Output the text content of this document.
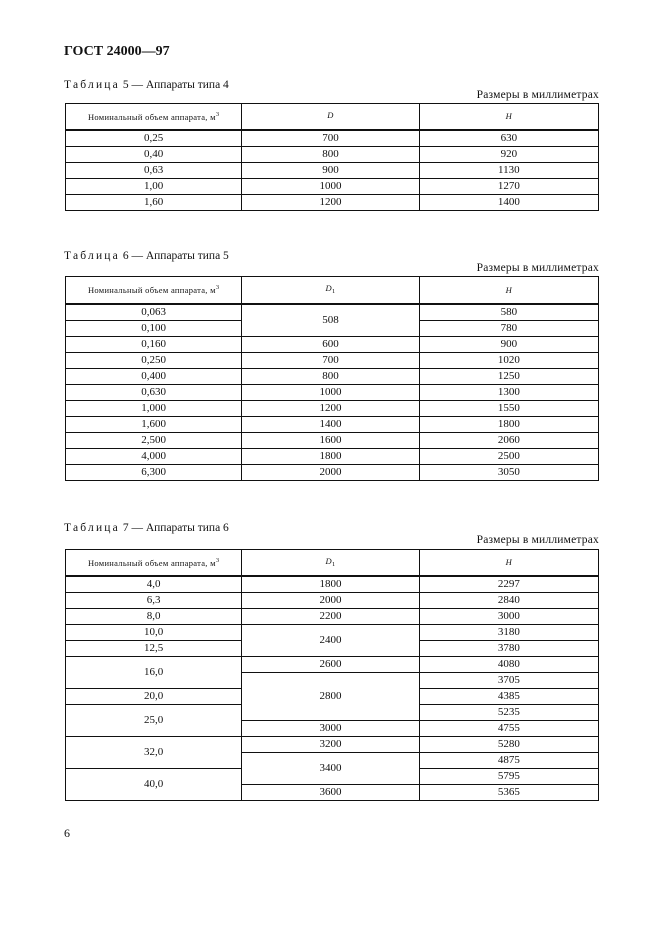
ГОСТ 24000—97
Таблица 5 — Аппараты типа 4
Размеры в миллиметрах
Номинальный объем аппарата, $м^3$	D	H
0,25	700	630
0,40	800	920
0,63	900	1130
1,00	1000	1270
1,60	1200	1400
Таблица 6 — Аппараты типа 5
Размеры в миллиметрах
Номинальный объем аппарата, $м^3$	$D_1$	H
0,063	508	580
0,100		780
0,160	600	900
0,250	700	1020
0,400	800	1250
0,630	1000	1300
1,000	1200	1550
1,600	1400	1800
2,500	1600	2060
4,000	1800	2500
6,300	2000	3050
Таблица 7 — Аппараты типа 6
Размеры в миллиметрах
Номинальный объем аппарата, $м^3$	$D_1$	H
4,0	1800	2297
6,3	2000	2840
8,0	2200	3000
10,0	2400	3180
12,5		3780
16,0	2600	4080
	2800	3705
20,0		4385
25,0		5235
	3000	4755
32,0	3200	5280
	3400	4875
40,0		5795
	3600	5365
6
